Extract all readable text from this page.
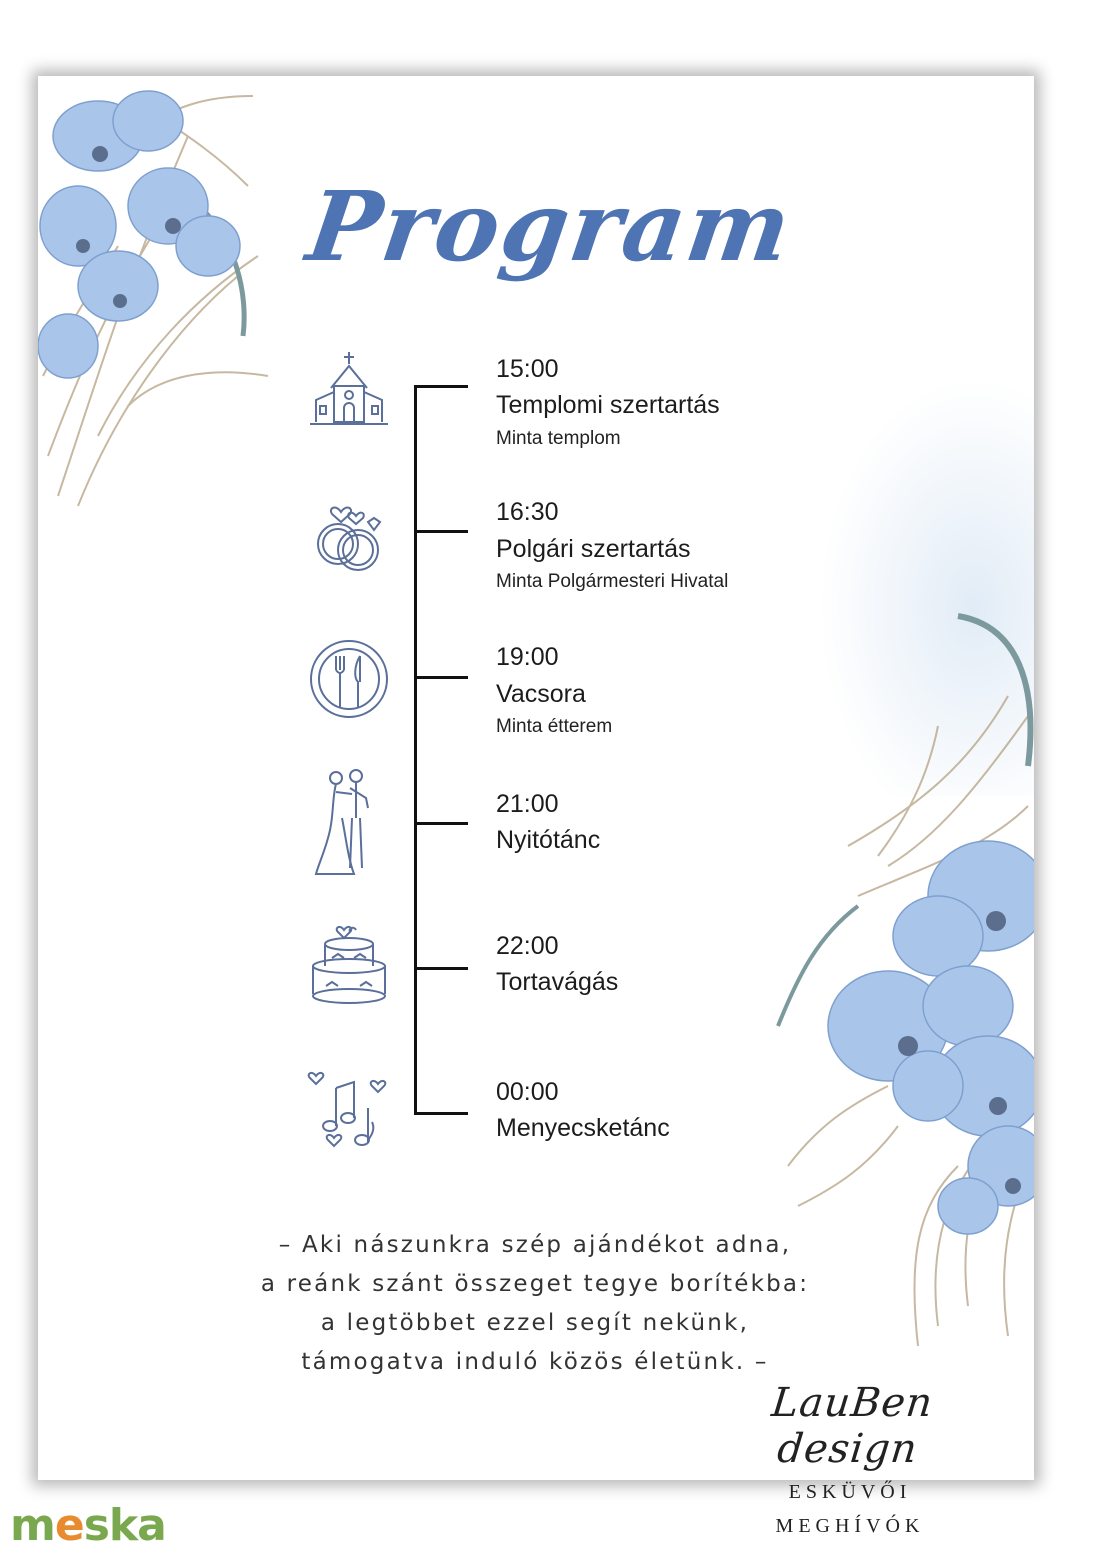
Program
15:00
Templomi szertartás
Minta templom
16:30
Polgári szertartás
Minta Polgármesteri Hivatal
19:00
Vacsora
Minta étterem
21:00
Nyitótánc
22:00
Tortavágás
00:00
Menyecsketánc
– Aki nászunkra szép ajándékot adna,
a reánk szánt összeget tegye borítékba:
a legtöbbet ezzel segít nekünk,
támogatva induló közös életünk. –
LauBen design
ESKÜVŐI
MEGHÍVÓK
meska
